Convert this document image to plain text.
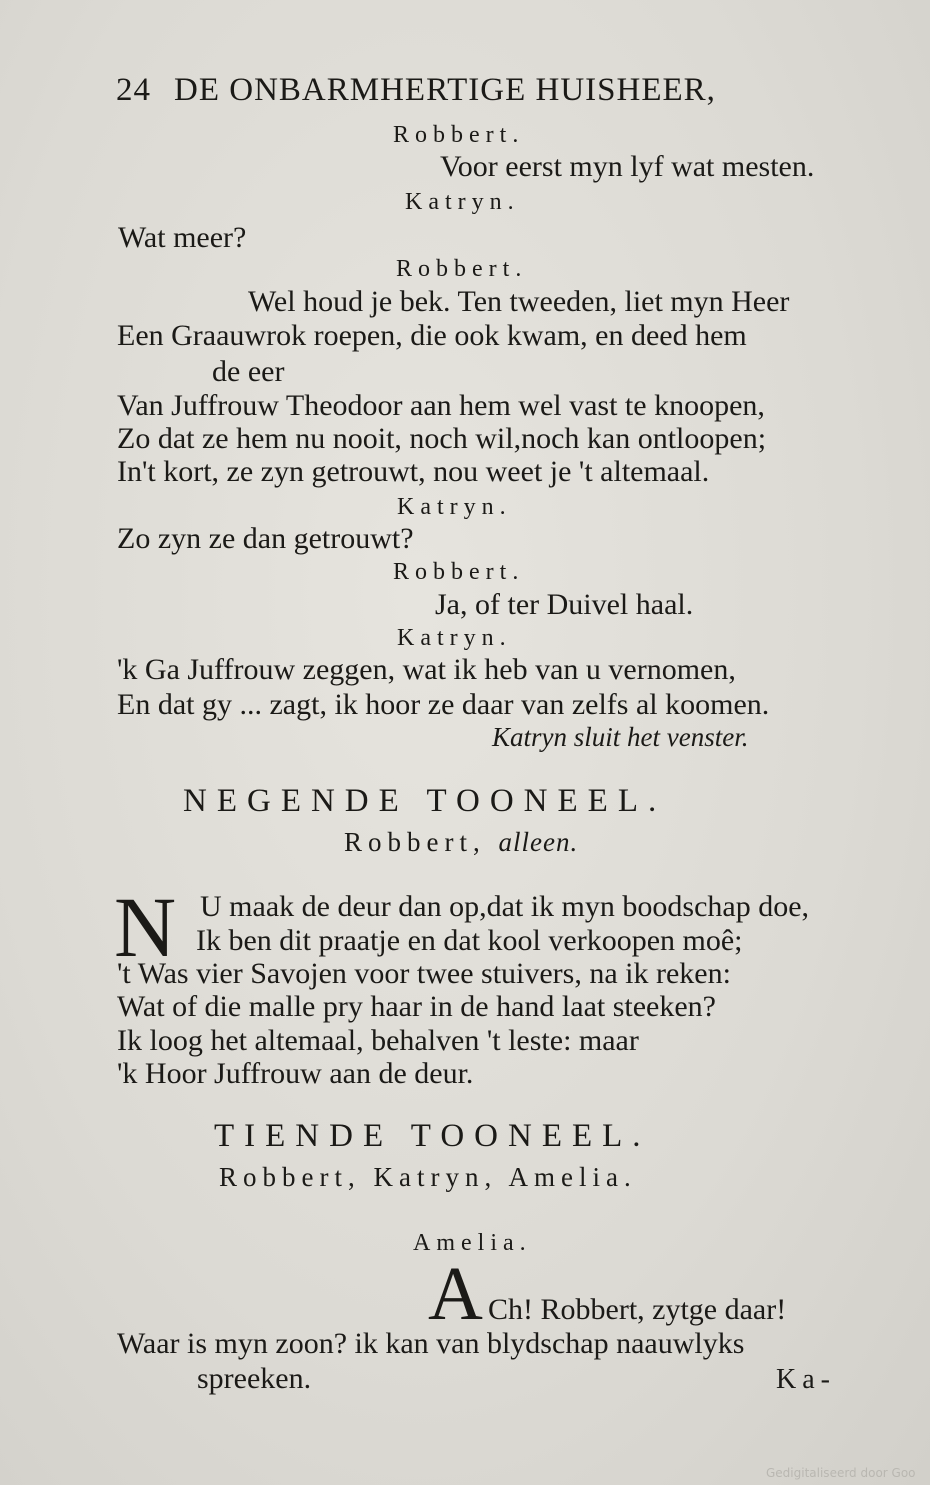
24 DE ONBARMHERTIGE HUISHEER,
Robbert.
Voor eerst myn lyf wat mesten.
Katryn.
Wat meer?
Robbert.
Wel houd je bek. Ten tweeden, liet myn Heer
Een Graauwrok roepen, die ook kwam, en deed hem
de eer
Van Juffrouw Theodoor aan hem wel vast te knoopen,
Zo dat ze hem nu nooit, noch wil,noch kan ontloopen;
In't kort, ze zyn getrouwt, nou weet je 't altemaal.
Katryn.
Zo zyn ze dan getrouwt?
Robbert.
Ja, of ter Duivel haal.
Katryn.
'k Ga Juffrouw zeggen, wat ik heb van u vernomen,
En dat gy ... zagt, ik hoor ze daar van zelfs al koomen.
Katryn sluit het venster.
NEGENDE TOONEEL.
Robbert, alleen.
N U maak de deur dan op,dat ik myn boodschap doe,
Ik ben dit praatje en dat kool verkoopen moê;
't Was vier Savojen voor twee stuivers, na ik reken:
Wat of die malle pry haar in de hand laat steeken?
Ik loog het altemaal, behalven 't leste: maar
'k Hoor Juffrouw aan de deur.
TIENDE TOONEEL.
Robbert, Katryn, Amelia.
Amelia.
A Ch! Robbert, zytge daar!
Waar is myn zoon? ik kan van blydschap naauwlyks
spreeken.	Ka-
Gedigitaliseerd door Goo
